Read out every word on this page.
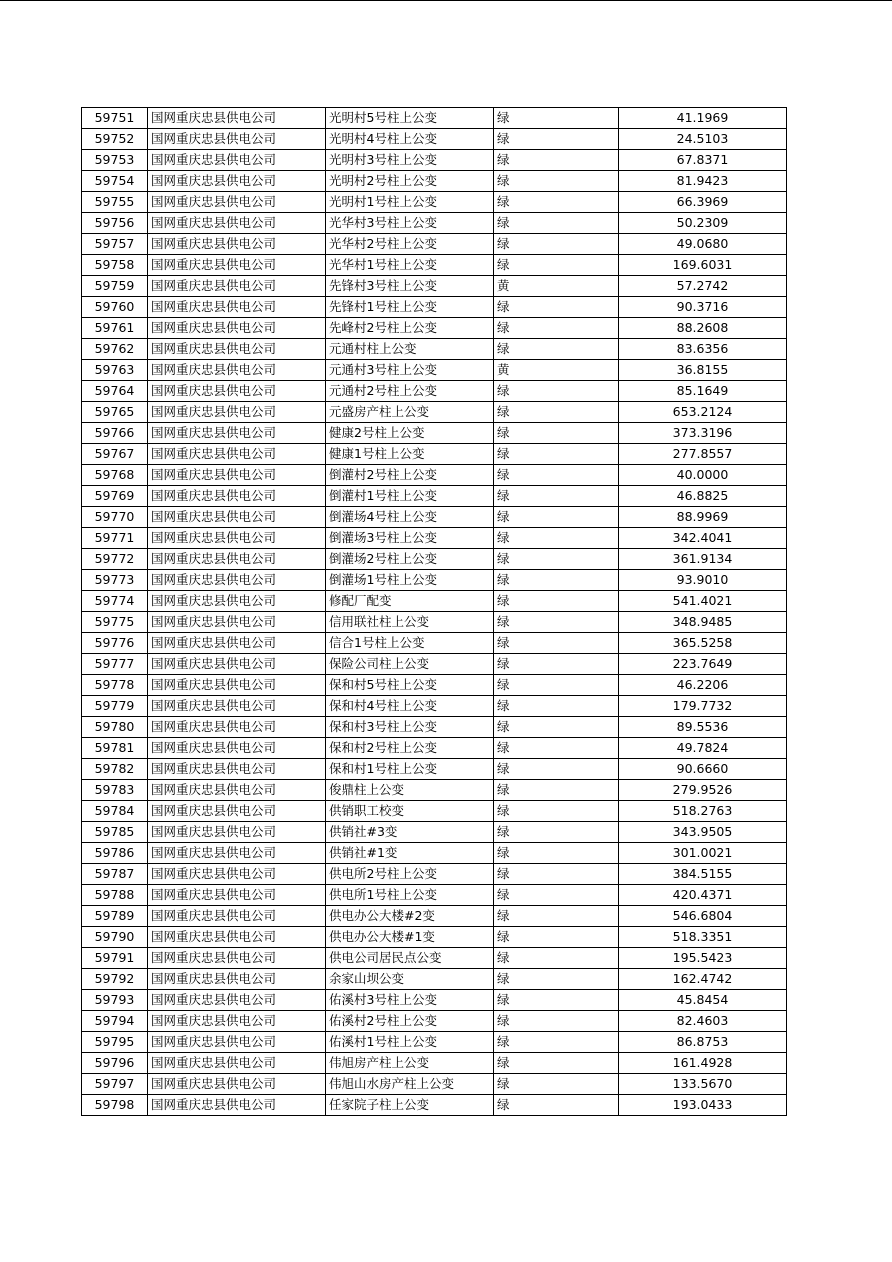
59751	国网重庆忠县供电公司	光明村5号柱上公变	绿	41.1969
59752	国网重庆忠县供电公司	光明村4号柱上公变	绿	24.5103
59753	国网重庆忠县供电公司	光明村3号柱上公变	绿	67.8371
59754	国网重庆忠县供电公司	光明村2号柱上公变	绿	81.9423
59755	国网重庆忠县供电公司	光明村1号柱上公变	绿	66.3969
59756	国网重庆忠县供电公司	光华村3号柱上公变	绿	50.2309
59757	国网重庆忠县供电公司	光华村2号柱上公变	绿	49.0680
59758	国网重庆忠县供电公司	光华村1号柱上公变	绿	169.6031
59759	国网重庆忠县供电公司	先锋村3号柱上公变	黄	57.2742
59760	国网重庆忠县供电公司	先锋村1号柱上公变	绿	90.3716
59761	国网重庆忠县供电公司	先峰村2号柱上公变	绿	88.2608
59762	国网重庆忠县供电公司	元通村柱上公变	绿	83.6356
59763	国网重庆忠县供电公司	元通村3号柱上公变	黄	36.8155
59764	国网重庆忠县供电公司	元通村2号柱上公变	绿	85.1649
59765	国网重庆忠县供电公司	元盛房产柱上公变	绿	653.2124
59766	国网重庆忠县供电公司	健康2号柱上公变	绿	373.3196
59767	国网重庆忠县供电公司	健康1号柱上公变	绿	277.8557
59768	国网重庆忠县供电公司	倒灌村2号柱上公变	绿	40.0000
59769	国网重庆忠县供电公司	倒灌村1号柱上公变	绿	46.8825
59770	国网重庆忠县供电公司	倒灌场4号柱上公变	绿	88.9969
59771	国网重庆忠县供电公司	倒灌场3号柱上公变	绿	342.4041
59772	国网重庆忠县供电公司	倒灌场2号柱上公变	绿	361.9134
59773	国网重庆忠县供电公司	倒灌场1号柱上公变	绿	93.9010
59774	国网重庆忠县供电公司	修配厂配变	绿	541.4021
59775	国网重庆忠县供电公司	信用联社柱上公变	绿	348.9485
59776	国网重庆忠县供电公司	信合1号柱上公变	绿	365.5258
59777	国网重庆忠县供电公司	保险公司柱上公变	绿	223.7649
59778	国网重庆忠县供电公司	保和村5号柱上公变	绿	46.2206
59779	国网重庆忠县供电公司	保和村4号柱上公变	绿	179.7732
59780	国网重庆忠县供电公司	保和村3号柱上公变	绿	89.5536
59781	国网重庆忠县供电公司	保和村2号柱上公变	绿	49.7824
59782	国网重庆忠县供电公司	保和村1号柱上公变	绿	90.6660
59783	国网重庆忠县供电公司	俊鼎柱上公变	绿	279.9526
59784	国网重庆忠县供电公司	供销职工校变	绿	518.2763
59785	国网重庆忠县供电公司	供销社#3变	绿	343.9505
59786	国网重庆忠县供电公司	供销社#1变	绿	301.0021
59787	国网重庆忠县供电公司	供电所2号柱上公变	绿	384.5155
59788	国网重庆忠县供电公司	供电所1号柱上公变	绿	420.4371
59789	国网重庆忠县供电公司	供电办公大楼#2变	绿	546.6804
59790	国网重庆忠县供电公司	供电办公大楼#1变	绿	518.3351
59791	国网重庆忠县供电公司	供电公司居民点公变	绿	195.5423
59792	国网重庆忠县供电公司	余家山坝公变	绿	162.4742
59793	国网重庆忠县供电公司	佑溪村3号柱上公变	绿	45.8454
59794	国网重庆忠县供电公司	佑溪村2号柱上公变	绿	82.4603
59795	国网重庆忠县供电公司	佑溪村1号柱上公变	绿	86.8753
59796	国网重庆忠县供电公司	伟旭房产柱上公变	绿	161.4928
59797	国网重庆忠县供电公司	伟旭山水房产柱上公变	绿	133.5670
59798	国网重庆忠县供电公司	任家院子柱上公变	绿	193.0433
